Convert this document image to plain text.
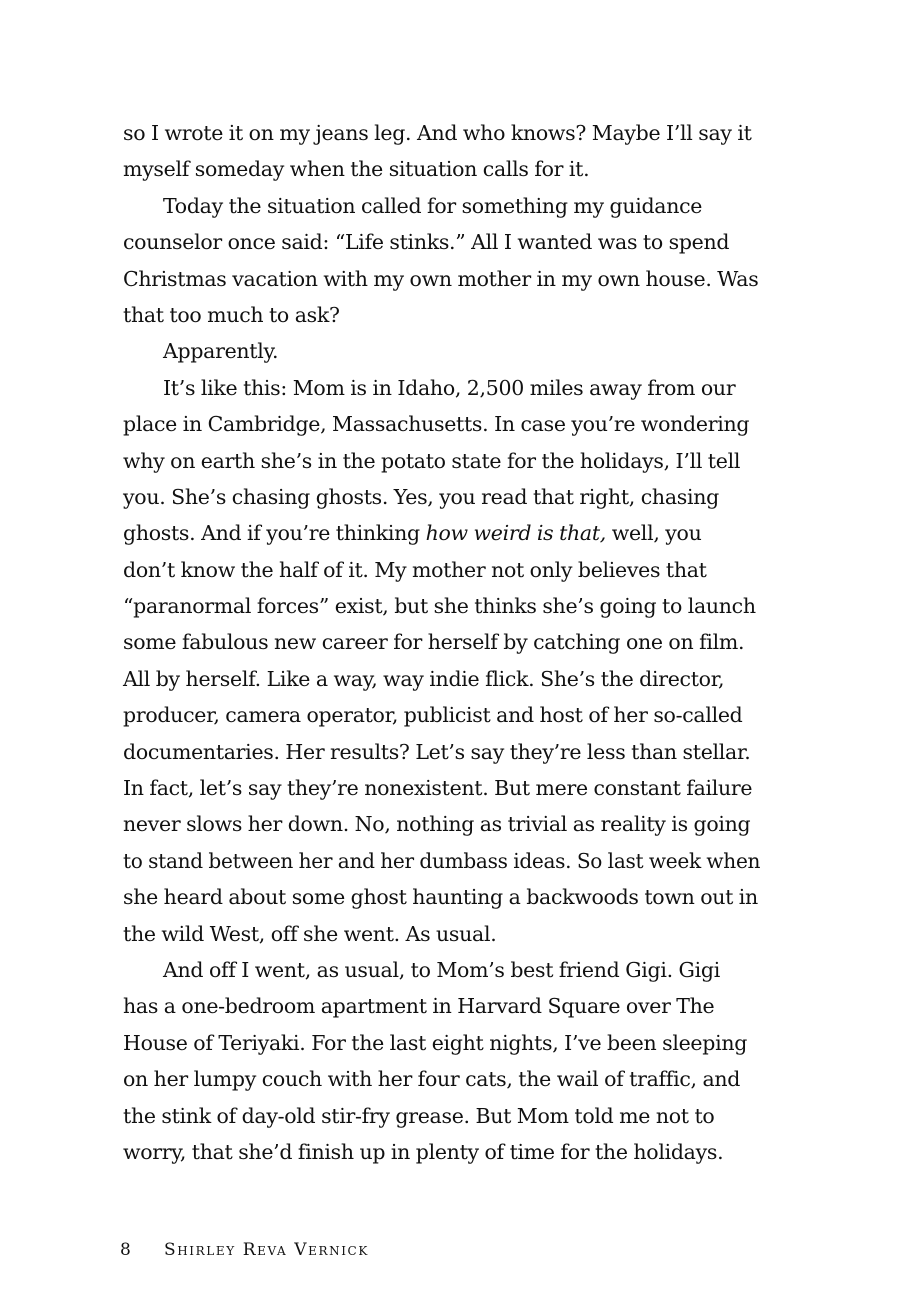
so I wrote it on my jeans leg. And who knows? Maybe I’ll say it
myself someday when the situation calls for it.
Today the situation called for something my guidance
counselor once said: “Life stinks.” All I wanted was to spend
Christmas vacation with my own mother in my own house. Was
that too much to ask?
Apparently.
It’s like this: Mom is in Idaho, 2,500 miles away from our
place in Cambridge, Massachusetts. In case you’re wondering
why on earth she’s in the potato state for the holidays, I’ll tell
you. She’s chasing ghosts. Yes, you read that right, chasing
ghosts. And if you’re thinking how weird is that, well, you
don’t know the half of it. My mother not only believes that
“paranormal forces” exist, but she thinks she’s going to launch
some fabulous new career for herself by catching one on film.
All by herself. Like a way, way indie flick. She’s the director,
producer, camera operator, publicist and host of her so-called
documentaries. Her results? Let’s say they’re less than stellar.
In fact, let’s say they’re nonexistent. But mere constant failure
never slows her down. No, nothing as trivial as reality is going
to stand between her and her dumbass ideas. So last week when
she heard about some ghost haunting a backwoods town out in
the wild West, off she went. As usual.
And off I went, as usual, to Mom’s best friend Gigi. Gigi
has a one-bedroom apartment in Harvard Square over The
House of Teriyaki. For the last eight nights, I’ve been sleeping
on her lumpy couch with her four cats, the wail of traffic, and
the stink of day-old stir-fry grease. But Mom told me not to
worry, that she’d finish up in plenty of time for the holidays.
8 Shirley Reva Vernick
